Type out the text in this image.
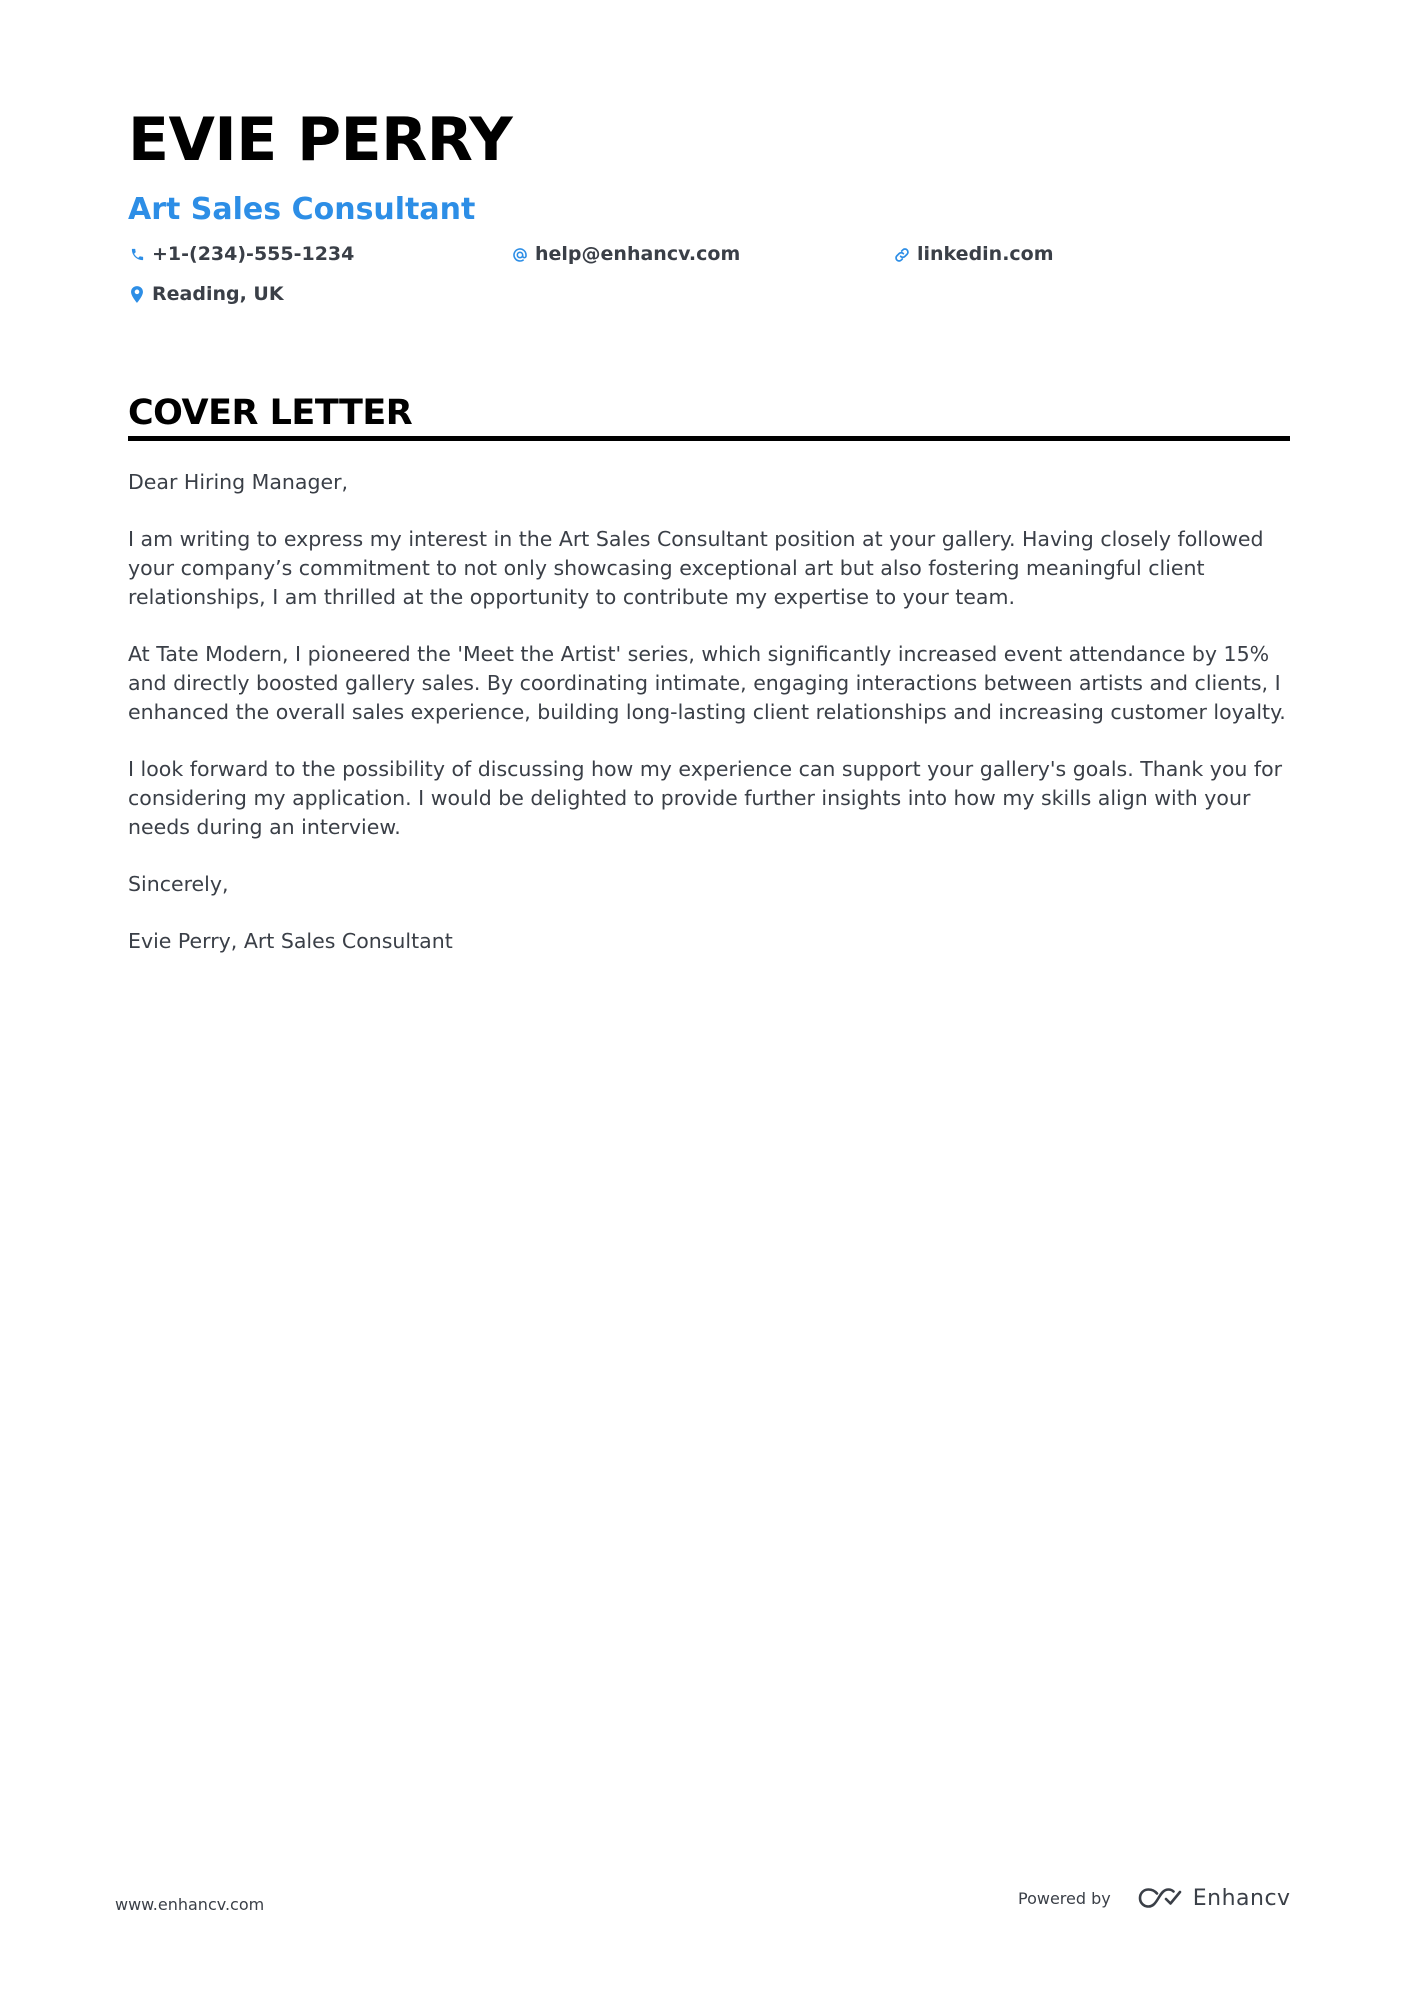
EVIE PERRY
Art Sales Consultant
+1-(234)-555-1234	help@enhancv.com	linkedin.com
Reading, UK
COVER LETTER

Dear Hiring Manager,

I am writing to express my interest in the Art Sales Consultant position at your gallery. Having closely followed your company’s commitment to not only showcasing exceptional art but also fostering meaningful client relationships, I am thrilled at the opportunity to contribute my expertise to your team.

At Tate Modern, I pioneered the 'Meet the Artist' series, which significantly increased event attendance by 15% and directly boosted gallery sales. By coordinating intimate, engaging interactions between artists and clients, I enhanced the overall sales experience, building long-lasting client relationships and increasing customer loyalty.

I look forward to the possibility of discussing how my experience can support your gallery's goals. Thank you for considering my application. I would be delighted to provide further insights into how my skills align with your needs during an interview.

Sincerely,

Evie Perry, Art Sales Consultant

www.enhancv.com	Powered by	Enhancv
